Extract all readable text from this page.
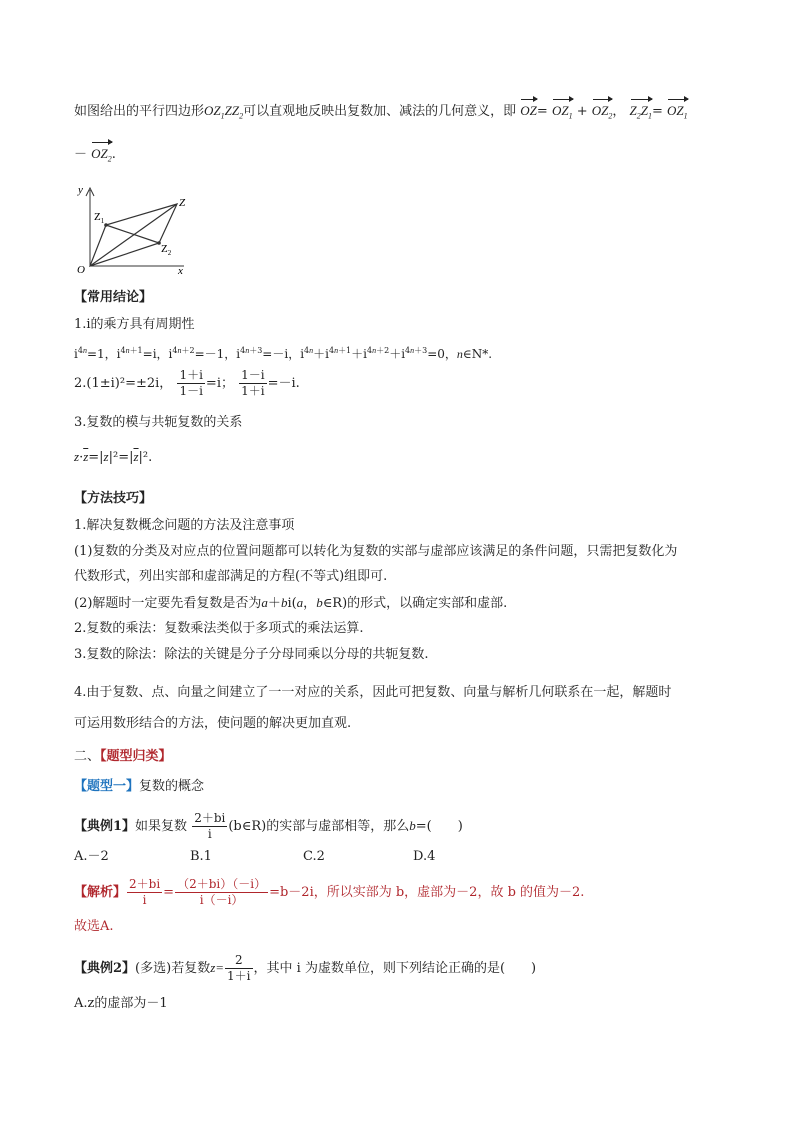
如图给出的平行四边形$OZ_1ZZ_2$可以直观地反映出复数加、减法的几何意义，即 $OZ= OZ_1 + OZ_2$， $Z_2Z_1= OZ_1$
－ $OZ_2$.
y
x
O
Z
$Z_1$
$Z_2$
【常用结论】
1.i的乘方具有周期性
$i^{4n}=1$，$i^{4n+1}=i$，$i^{4n+2}=-1$，$i^{4n+3}=-i$，$i^{4n}+i^{4n+1}+i^{4n+2}+i^{4n+3}=0$，n∈N*.
2.(1±i)²=±2i， $\frac{1+i}{1-i} =i$； $\frac{1-i}{1+i} =-i$.
3.复数的模与共轭复数的关系
$z\cdot\overline{z}=|z|^2=|\overline{z}|^2$.
【方法技巧】
1.解决复数概念问题的方法及注意事项
(1)复数的分类及对应点的位置问题都可以转化为复数的实部与虚部应该满足的条件问题，只需把复数化为
代数形式，列出实部和虚部满足的方程(不等式)组即可.
(2)解题时一定要先看复数是否为a＋bi(a，b∈R)的形式，以确定实部和虚部.
2.复数的乘法：复数乘法类似于多项式的乘法运算.
3.复数的除法：除法的关键是分子分母同乘以分母的共轭复数.
4.由于复数、点、向量之间建立了一一对应的关系，因此可把复数、向量与解析几何联系在一起，解题时
可运用数形结合的方法，使问题的解决更加直观.
二、【题型归类】
【题型一】复数的概念
【典例1】如果复数 $\frac{2+bi}{i}$ (b∈R)的实部与虚部相等，那么b=(　　)
A.－2	B.1	C.2	D.4
【解析】 $\frac{2+bi}{i} = \frac{(2+bi)(-i)}{i(-i)} =b-2i$，所以实部为 b，虚部为－2，故 b 的值为－2.
故选A.
【典例2】(多选)若复数$z= \frac{2}{1+i}$ ，其中 i 为虚数单位，则下列结论正确的是(　　)
A.z的虚部为－1
